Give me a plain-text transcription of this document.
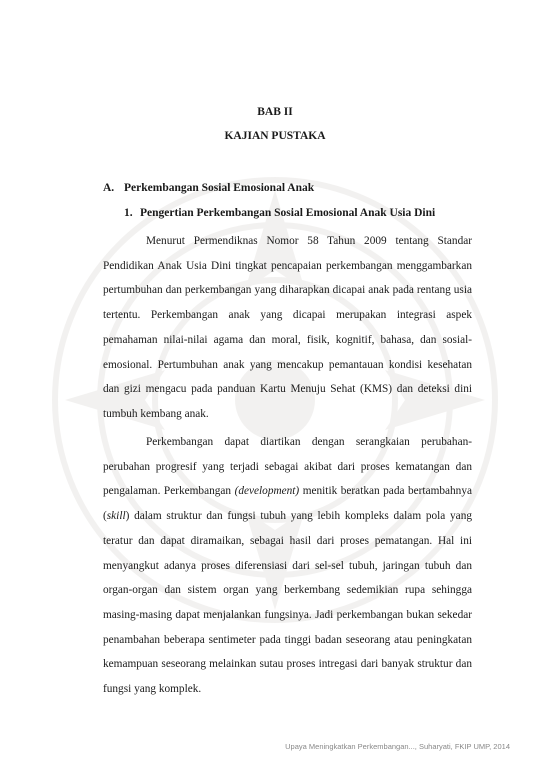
BAB II
KAJIAN PUSTAKA
A. Perkembangan Sosial Emosional Anak
1. Pengertian Perkembangan Sosial Emosional Anak Usia Dini

Menurut Permendiknas Nomor 58 Tahun 2009 tentang Standar Pendidikan Anak Usia Dini tingkat pencapaian perkembangan menggambarkan pertumbuhan dan perkembangan yang diharapkan dicapai anak pada rentang usia tertentu. Perkembangan anak yang dicapai merupakan integrasi aspek pemahaman nilai-nilai agama dan moral, fisik, kognitif, bahasa, dan sosial-emosional. Pertumbuhan anak yang mencakup pemantauan kondisi kesehatan dan gizi mengacu pada panduan Kartu Menuju Sehat (KMS) dan deteksi dini tumbuh kembang anak.

Perkembangan dapat diartikan dengan serangkaian perubahan-perubahan progresif yang terjadi sebagai akibat dari proses kematangan dan pengalaman. Perkembangan (development) menitik beratkan pada bertambahnya (skill) dalam struktur dan fungsi tubuh yang lebih kompleks dalam pola yang teratur dan dapat diramaikan, sebagai hasil dari proses pematangan. Hal ini menyangkut adanya proses diferensiasi dari sel-sel tubuh, jaringan tubuh dan organ-organ dan sistem organ yang berkembang sedemikian rupa sehingga masing-masing dapat menjalankan fungsinya. Jadi perkembangan bukan sekedar penambahan beberapa sentimeter pada tinggi badan seseorang atau peningkatan kemampuan seseorang melainkan sutau proses intregasi dari banyak struktur dan fungsi yang komplek.

Upaya Meningkatkan Perkembangan..., Suharyati, FKIP UMP, 2014
